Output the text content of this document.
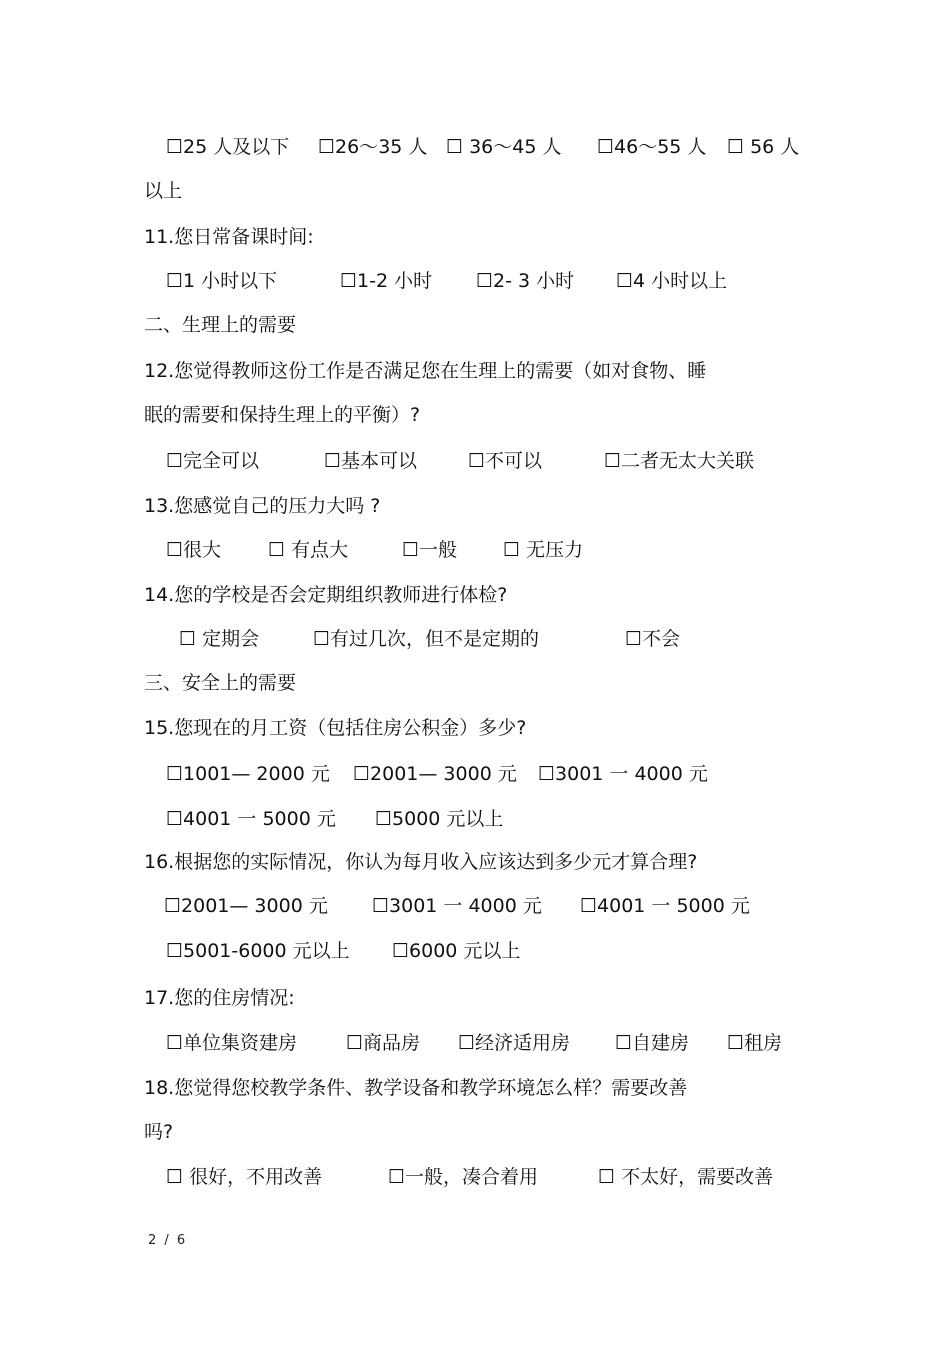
☐25 人及以下 ☐26～35 人 ☐ 36～45 人 ☐46～55 人 ☐ 56 人
以上
11.您日常备课时间:
☐1 小时以下	☐1-2 小时 ☐2- 3 小时 ☐4 小时以上
二、生理上的需要
12.您觉得教师这份工作是否满足您在生理上的需要（如对食物、睡
眠的需要和保持生理上的平衡）?
☐完全可以	☐基本可以	☐不可以	☐二者无太大关联
13.您感觉自己的压力大吗 ?
☐很大 ☐ 有点大	☐一般 ☐ 无压力
14.您的学校是否会定期组织教师进行体检?
☐ 定期会	☐有过几次，但不是定期的	☐不会
三、安全上的需要
15.您现在的月工资（包括住房公积金）多少?
☐1001— 2000 元 ☐2001— 3000 元 ☐3001 一 4000 元
☐4001 一 5000 元 ☐5000 元以上
16.根据您的实际情况，你认为每月收入应该达到多少元才算合理?
☐2001— 3000 元 ☐3001 一 4000 元 ☐4001 一 5000 元
☐5001-6000 元以上 ☐6000 元以上
17.您的住房情况:
☐单位集资建房	☐商品房 ☐经济适用房 ☐自建房 ☐租房
18.您觉得您校教学条件、教学设备和教学环境怎么样？需要改善
吗?
☐ 很好，不用改善	☐一般，凑合着用	☐ 不太好，需要改善
2 / 6
